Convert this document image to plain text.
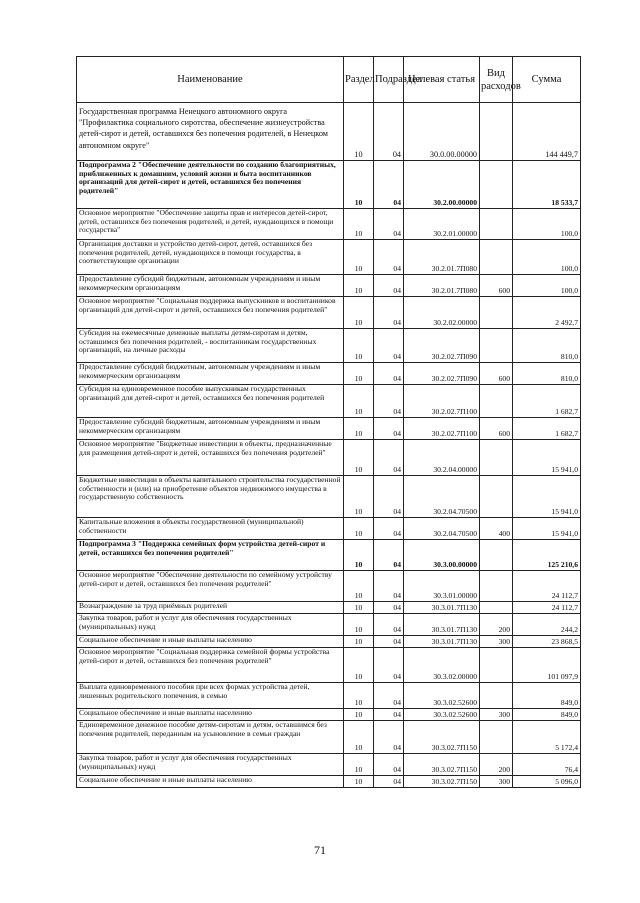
Наименование	Раздел	Подраздел	Целевая статья	Вид расходов	Сумма
Государственная программа Ненецкого автономного округа "Профилактика социального сиротства, обеспечение жизнеустройства детей-сирот и детей, оставшихся без попечения родителей, в Ненецком автономном округе"	10	04	30.0.00.00000		144 449,7
Подпрограмма 2 "Обеспечение деятельности по созданию благоприятных, приближенных к домашним, условий жизни и быта воспитанников организаций для детей-сирот и детей, оставшихся без попечения родителей"	10	04	30.2.00.00000		18 533,7
Основное мероприятие "Обеспечение защиты прав и интересов детей-сирот, детей, оставшихся без попечения родителей, и детей, нуждающихся в помощи государства"	10	04	30.2.01.00000		100,0
Организация доставки и устройство детей-сирот, детей, оставшихся без попечения родителей, детей, нуждающихся в помощи государства, в соответствующие организации	10	04	30.2.01.7П080		100,0
Предоставление субсидий бюджетным, автономным учреждениям и иным некоммерческим организациям	10	04	30.2.01.7П080	600	100,0
Основное мероприятие "Социальная поддержка выпускников и воспитанников организаций для детей-сирот и детей, оставшихся без попечения родителей"	10	04	30.2.02.00000		2 492,7
Субсидия на ежемесячные денежные выплаты детям-сиротам и детям, оставшимся без попечения родителей, - воспитанникам государственных организаций, на личные расходы	10	04	30.2.02.7П090		810,0
Предоставление субсидий бюджетным, автономным учреждениям и иным некоммерческим организациям	10	04	30.2.02.7П090	600	810,0
Субсидия на единовременное пособие выпускникам государственных организаций для детей-сирот и детей, оставшихся без попечения родителей	10	04	30.2.02.7П100		1 682,7
Предоставление субсидий бюджетным, автономным учреждениям и иным некоммерческим организациям	10	04	30.2.02.7П100	600	1 682,7
Основное мероприятие "Бюджетные инвестиции в объекты, предназначенные для размещения детей-сирот и детей, оставшихся без попечения родителей"	10	04	30.2.04.00000		15 941,0
Бюджетные инвестиции в объекты капитального строительства государственной собственности и (или) на приобретение объектов недвижимого имущества в государственную собственность	10	04	30.2.04.70500		15 941,0
Капитальные вложения в объекты государственной (муниципальной) собственности	10	04	30.2.04.70500	400	15 941,0
Подпрограмма 3 "Поддержка семейных форм устройства детей-сирот и детей, оставшихся без попечения родителей"	10	04	30.3.00.00000		125 210,6
Основное мероприятие "Обеспечение деятельности по семейному устройству детей-сирот и детей, оставшихся без попечения родителей"	10	04	30.3.01.00000		24 112,7
Вознаграждение за труд приёмных родителей	10	04	30.3.01.7П130		24 112,7
Закупка товаров, работ и услуг для обеспечения государственных (муниципальных) нужд	10	04	30.3.01.7П130	200	244,2
Социальное обеспечение и иные выплаты населению	10	04	30.3.01.7П130	300	23 868,5
Основное мероприятие "Социальная поддержка семейной формы устройства детей-сирот и детей, оставшихся без попечения родителей"	10	04	30.3.02.00000		101 097,9
Выплата единовременного пособия при всех формах устройства детей, лишенных родительского попечения, в семью	10	04	30.3.02.52600		849,0
Социальное обеспечение и иные выплаты населению	10	04	30.3.02.52600	300	849,0
Единовременное денежное пособие детям-сиротам и детям, оставшимся без попечения родителей, переданным на усыновление в семьи граждан	10	04	30.3.02.7П150		5 172,4
Закупка товаров, работ и услуг для обеспечения государственных (муниципальных) нужд	10	04	30.3.02.7П150	200	76,4
Социальное обеспечение и иные выплаты населению	10	04	30.3.02.7П150	300	5 096,0
71
